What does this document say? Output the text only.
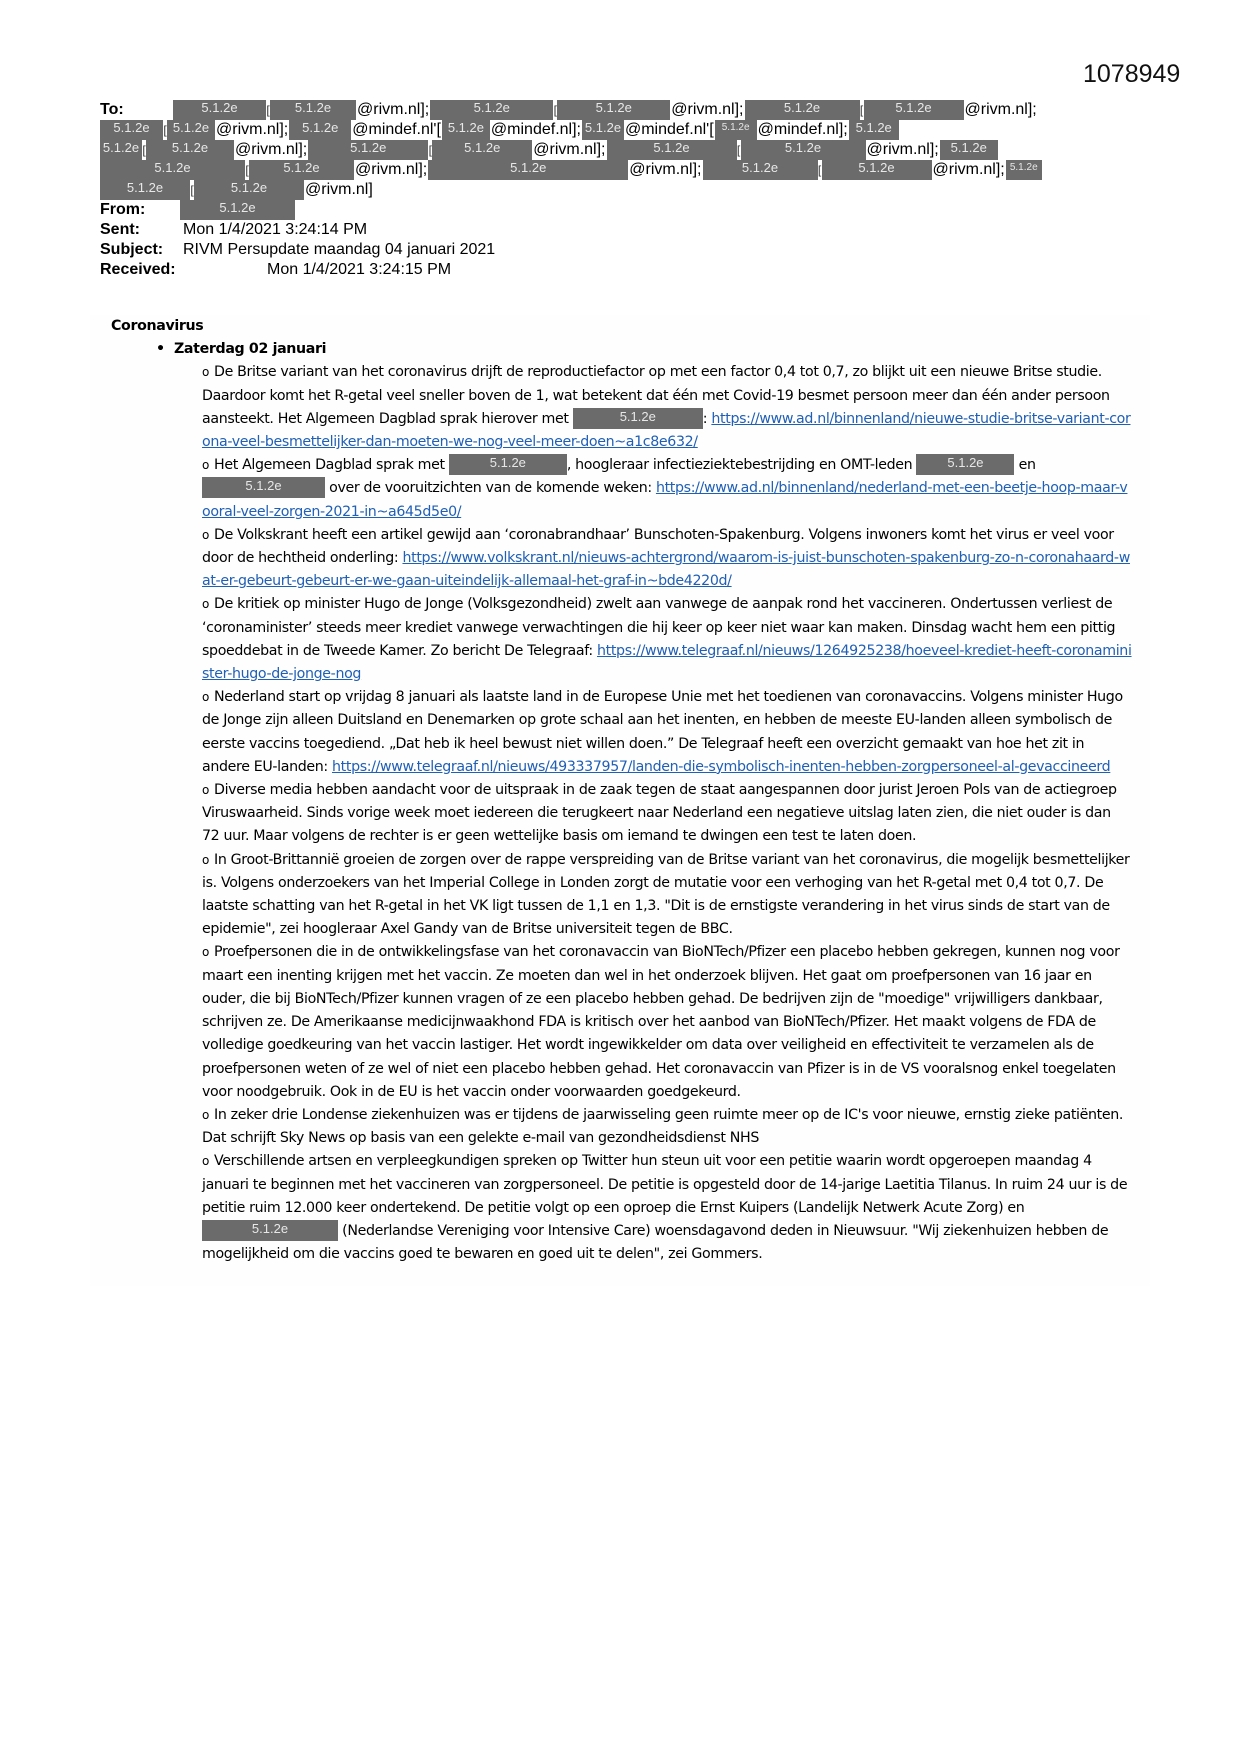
1078949
To:	5.1.2e [ 5.1.2e @rivm.nl];	5.1.2e	[	5.1.2e @rivm.nl];	5.1.2e	[ 5.1.2e @rivm.nl];
5.1.2e [ 5.1.2e @rivm.nl]; 5.1.2e @mindef.nl'[ 5.1.2e @mindef.nl]; 5.1.2e @mindef.nl'[ 5.1.2e @mindef.nl]; 5.1.2e
5.1.2e [ 5.1.2e @rivm.nl];	5.1.2e	[ 5.1.2e @rivm.nl];	5.1.2e	[	5.1.2e	@rivm.nl]; 5.1.2e
5.1.2e	[	5.1.2e @rivm.nl];	5.1.2e	@rivm.nl];	5.1.2e	[	5.1.2e @rivm.nl]; 5.1.2e
5.1.2e [	5.1.2e @rivm.nl]
From:	5.1.2e
Sent:	Mon 1/4/2021 3:24:14 PM
Subject: RIVM Persupdate maandag 04 januari 2021
Received:	Mon 1/4/2021 3:24:15 PM
Coronavirus
• Zaterdag 02 januari

o De Britse variant van het coronavirus drijft de reproductiefactor op met een factor 0,4 tot 0,7, zo blijkt uit een nieuwe Britse studie. Daardoor komt het R-getal veel sneller boven de 1, wat betekent dat één met Covid-19 besmet persoon meer dan één ander persoon aansteekt. Het Algemeen Dagblad sprak hierover met	5.1.2e	: https://www.ad.nl/binnenland/nieuwe-studie-britse-variant-corona-veel-besmettelijker-dan-moeten-we-nog-veel-meer-doen~a1c8e632/

o Het Algemeen Dagblad sprak met	5.1.2e	, hoogleraar infectieziektebestrijding en OMT-leden 5.1.2e en 5.1.2e	over de vooruitzichten van de komende weken: https://www.ad.nl/binnenland/nederland-met-een-beetje-hoop-maar-vooral-veel-zorgen-2021-in~a645d5e0/

o De Volkskrant heeft een artikel gewijd aan ‘coronabrandhaar’ Bunschoten-Spakenburg. Volgens inwoners komt het virus er veel voor door de hechtheid onderling: https://www.volkskrant.nl/nieuws-achtergrond/waarom-is-juist-bunschoten-spakenburg-zo-n-coronahaard-wat-er-gebeurt-gebeurt-er-we-gaan-uiteindelijk-allemaal-het-graf-in~bde4220d/

o De kritiek op minister Hugo de Jonge (Volksgezondheid) zwelt aan vanwege de aanpak rond het vaccineren. Ondertussen verliest de ‘coronaminister’ steeds meer krediet vanwege verwachtingen die hij keer op keer niet waar kan maken. Dinsdag wacht hem een pittig spoeddebat in de Tweede Kamer. Zo bericht De Telegraaf: https://www.telegraaf.nl/nieuws/1264925238/hoeveel-krediet-heeft-coronaminister-hugo-de-jonge-nog

o Nederland start op vrijdag 8 januari als laatste land in de Europese Unie met het toedienen van coronavaccins. Volgens minister Hugo de Jonge zijn alleen Duitsland en Denemarken op grote schaal aan het inenten, en hebben de meeste EU-landen alleen symbolisch de eerste vaccins toegediend. „Dat heb ik heel bewust niet willen doen.” De Telegraaf heeft een overzicht gemaakt van hoe het zit in andere EU-landen: https://www.telegraaf.nl/nieuws/493337957/landen-die-symbolisch-inenten-hebben-zorgpersoneel-al-gevaccineerd

o Diverse media hebben aandacht voor de uitspraak in de zaak tegen de staat aangespannen door jurist Jeroen Pols van de actiegroep Viruswaarheid. Sinds vorige week moet iedereen die terugkeert naar Nederland een negatieve uitslag laten zien, die niet ouder is dan 72 uur. Maar volgens de rechter is er geen wettelijke basis om iemand te dwingen een test te laten doen.

o In Groot-Brittannië groeien de zorgen over de rappe verspreiding van de Britse variant van het coronavirus, die mogelijk besmettelijker is. Volgens onderzoekers van het Imperial College in Londen zorgt de mutatie voor een verhoging van het R-getal met 0,4 tot 0,7. De laatste schatting van het R-getal in het VK ligt tussen de 1,1 en 1,3. "Dit is de ernstigste verandering in het virus sinds de start van de epidemie", zei hoogleraar Axel Gandy van de Britse universiteit tegen de BBC.

o Proefpersonen die in de ontwikkelingsfase van het coronavaccin van BioNTech/Pfizer een placebo hebben gekregen, kunnen nog voor maart een inenting krijgen met het vaccin. Ze moeten dan wel in het onderzoek blijven. Het gaat om proefpersonen van 16 jaar en ouder, die bij BioNTech/Pfizer kunnen vragen of ze een placebo hebben gehad. De bedrijven zijn de "moedige" vrijwilligers dankbaar, schrijven ze. De Amerikaanse medicijnwaakhond FDA is kritisch over het aanbod van BioNTech/Pfizer. Het maakt volgens de FDA de volledige goedkeuring van het vaccin lastiger. Het wordt ingewikkelder om data over veiligheid en effectiviteit te verzamelen als de proefpersonen weten of ze wel of niet een placebo hebben gehad. Het coronavaccin van Pfizer is in de VS vooralsnog enkel toegelaten voor noodgebruik. Ook in de EU is het vaccin onder voorwaarden goedgekeurd.

o In zeker drie Londense ziekenhuizen was er tijdens de jaarwisseling geen ruimte meer op de IC's voor nieuwe, ernstig zieke patiënten. Dat schrijft Sky News op basis van een gelekte e-mail van gezondheidsdienst NHS

o Verschillende artsen en verpleegkundigen spreken op Twitter hun steun uit voor een petitie waarin wordt opgeroepen maandag 4 januari te beginnen met het vaccineren van zorgpersoneel. De petitie is opgesteld door de 14-jarige Laetitia Tilanus. In ruim 24 uur is de petitie ruim 12.000 keer ondertekend. De petitie volgt op een oproep die Ernst Kuipers (Landelijk Netwerk Acute Zorg) en 5.1.2e	(Nederlandse Vereniging voor Intensive Care) woensdagavond deden in Nieuwsuur. "Wij ziekenhuizen hebben de mogelijkheid om die vaccins goed te bewaren en goed uit te delen", zei Gommers.
